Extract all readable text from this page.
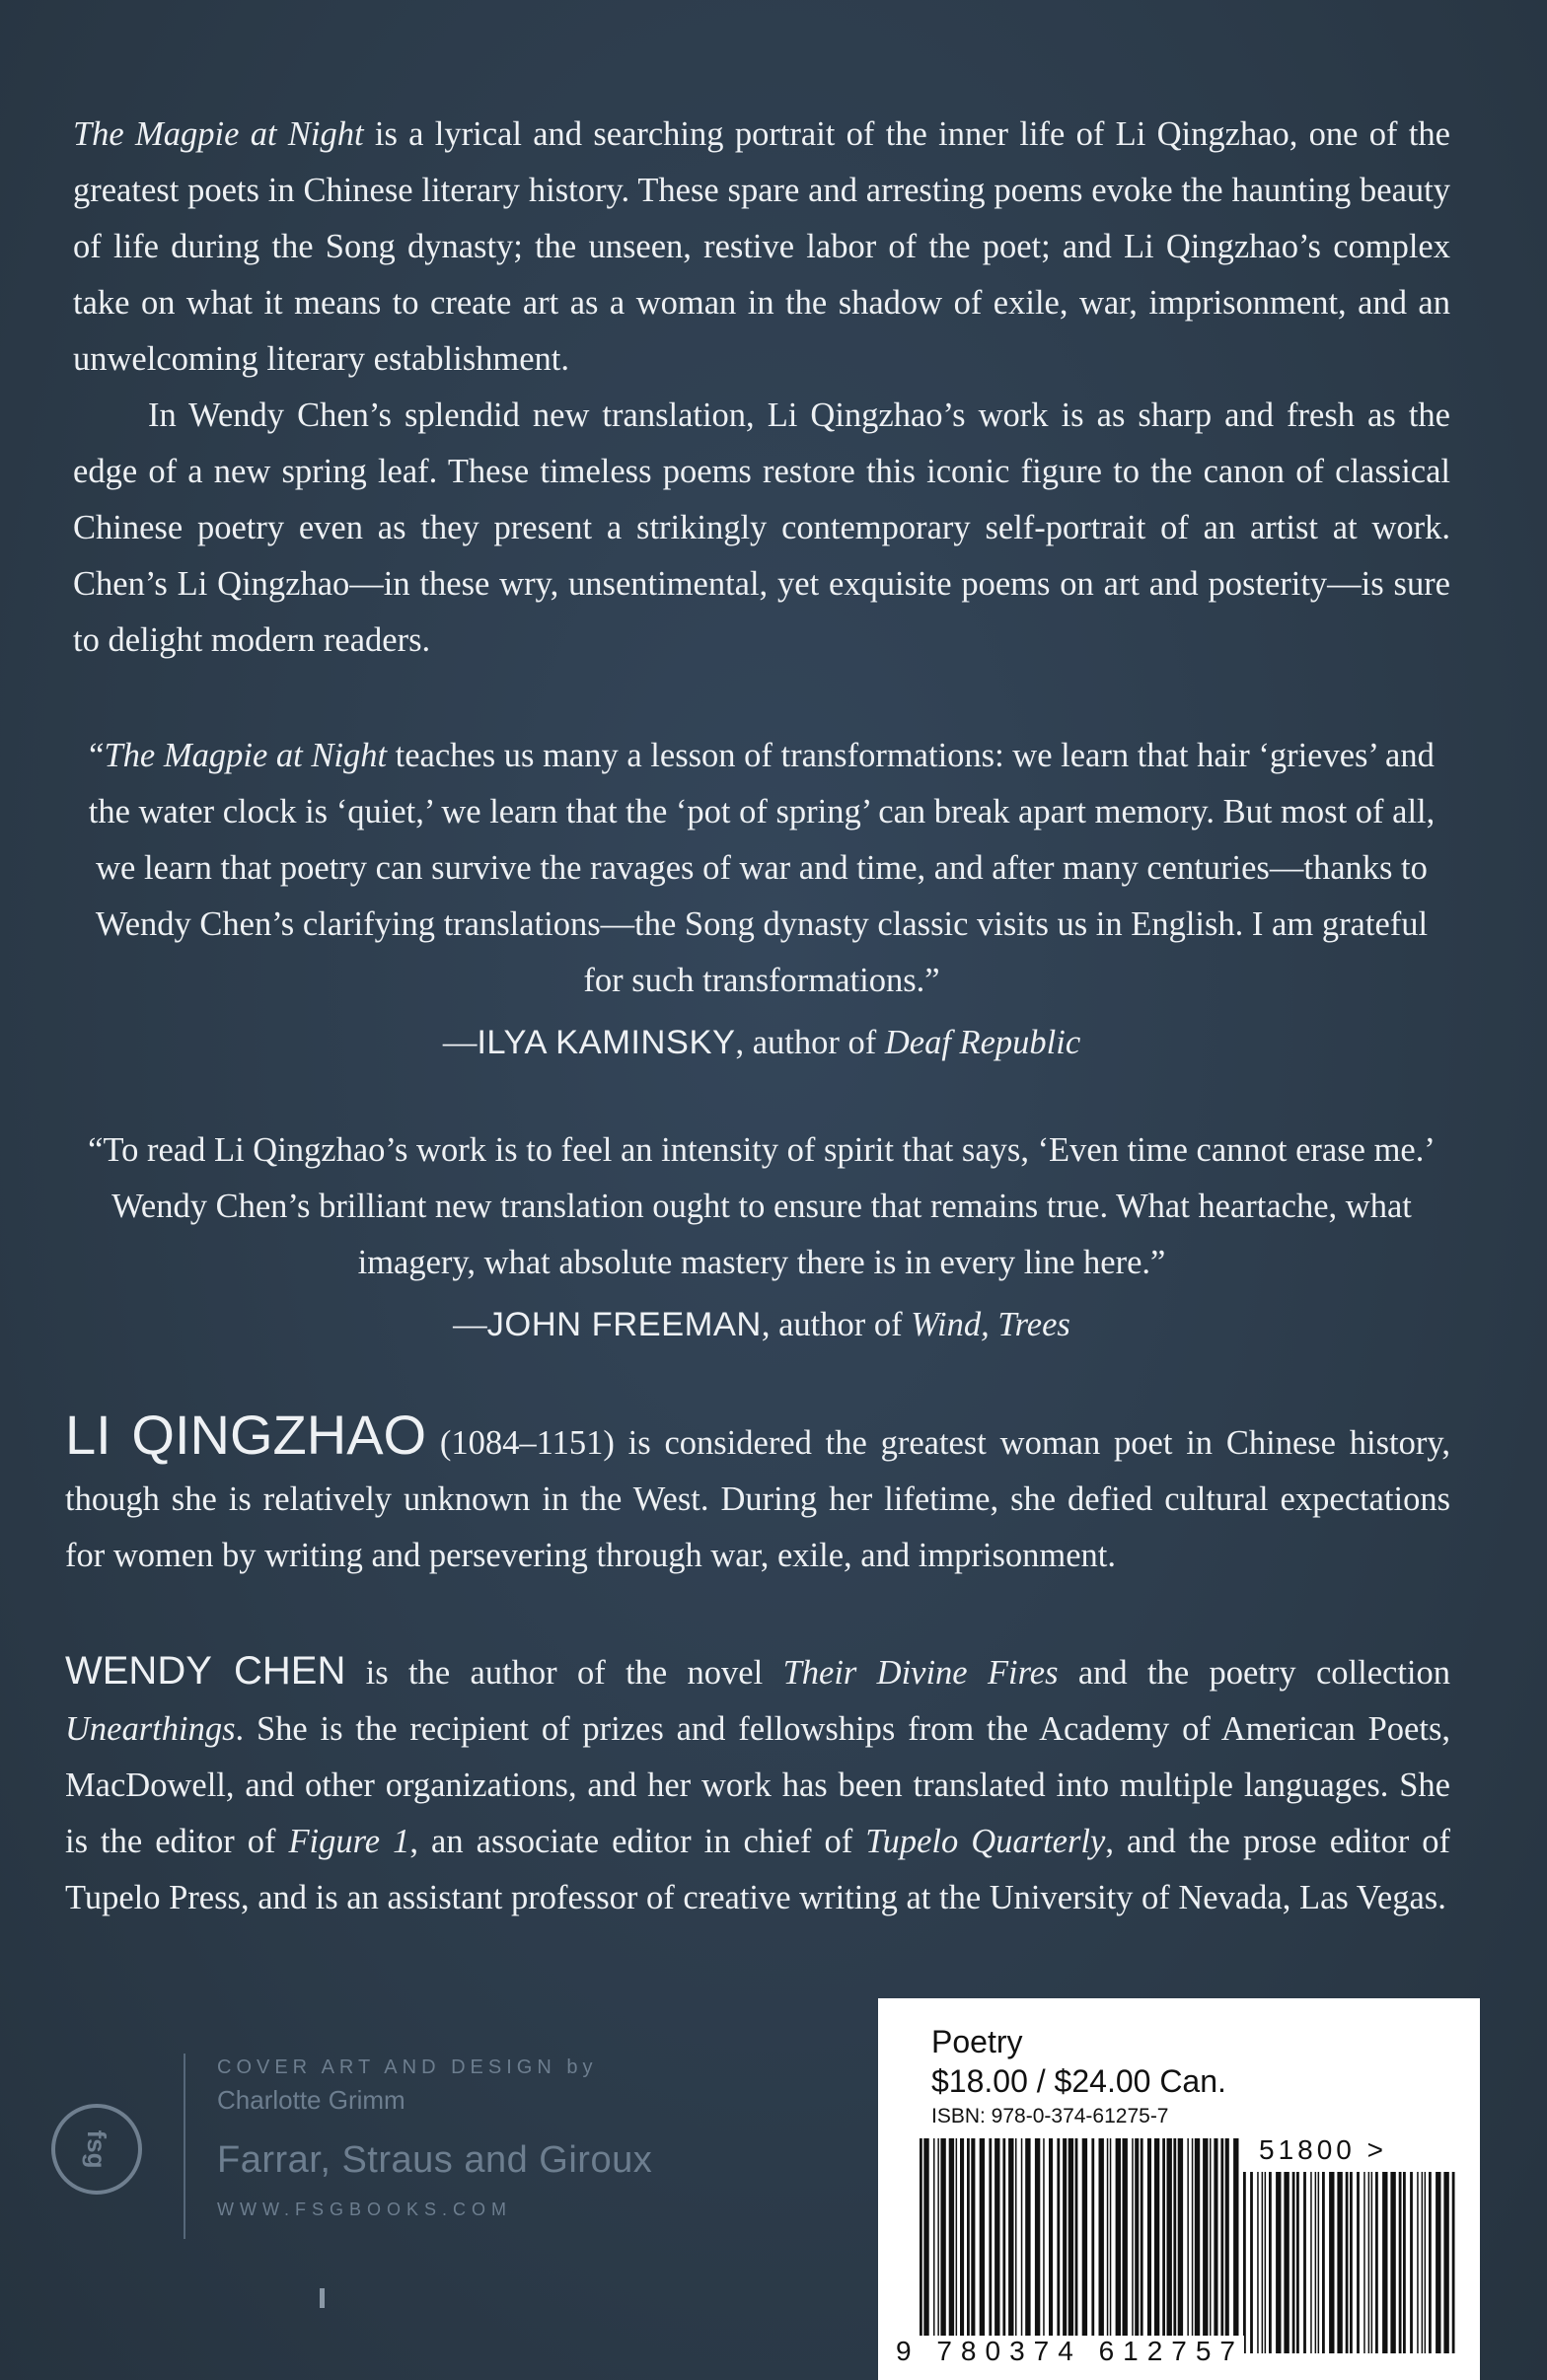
The Magpie at Night is a lyrical and searching portrait of the inner life of Li Qingzhao, one of the greatest poets in Chinese literary history. These spare and arresting poems evoke the haunting beauty of life during the Song dynasty; the unseen, restive labor of the poet; and Li Qingzhao’s complex take on what it means to create art as a woman in the shadow of exile, war, imprisonment, and an unwelcoming literary establishment.

In Wendy Chen’s splendid new translation, Li Qingzhao’s work is as sharp and fresh as the edge of a new spring leaf. These timeless poems restore this iconic figure to the canon of classical Chinese poetry even as they present a strikingly contemporary self-portrait of an artist at work. Chen’s Li Qingzhao—in these wry, unsentimental, yet exquisite poems on art and posterity—is sure to delight modern readers.

“The Magpie at Night teaches us many a lesson of transformations: we learn that hair ‘grieves’ and the water clock is ‘quiet,’ we learn that the ‘pot of spring’ can break apart memory. But most of all, we learn that poetry can survive the ravages of war and time, and after many centuries—thanks to Wendy Chen’s clarifying translations—the Song dynasty classic visits us in English. I am grateful for such transformations.”

—ILYA KAMINSKY, author of Deaf Republic

“To read Li Qingzhao’s work is to feel an intensity of spirit that says, ‘Even time cannot erase me.’ Wendy Chen’s brilliant new translation ought to ensure that remains true. What heartache, what imagery, what absolute mastery there is in every line here.”

—JOHN FREEMAN, author of Wind, Trees

LI QINGZHAO (1084–1151) is considered the greatest woman poet in Chinese history, though she is relatively unknown in the West. During her lifetime, she defied cultural expectations for women by writing and persevering through war, exile, and imprisonment.

WENDY CHEN is the author of the novel Their Divine Fires and the poetry collection Unearthings. She is the recipient of prizes and fellowships from the Academy of American Poets, MacDowell, and other organizations, and her work has been translated into multiple languages. She is the editor of Figure 1, an associate editor in chief of Tupelo Quarterly, and the prose editor of Tupelo Press, and is an assistant professor of creative writing at the University of Nevada, Las Vegas.

fsg
COVER ART AND DESIGN by
Charlotte Grimm
Farrar, Straus and Giroux
WWW.FSGBOOKS.COM
Poetry
$18.00 / $24.00 Can.
ISBN: 978-0-374-61275-7
51800 >
9 780374 612757
